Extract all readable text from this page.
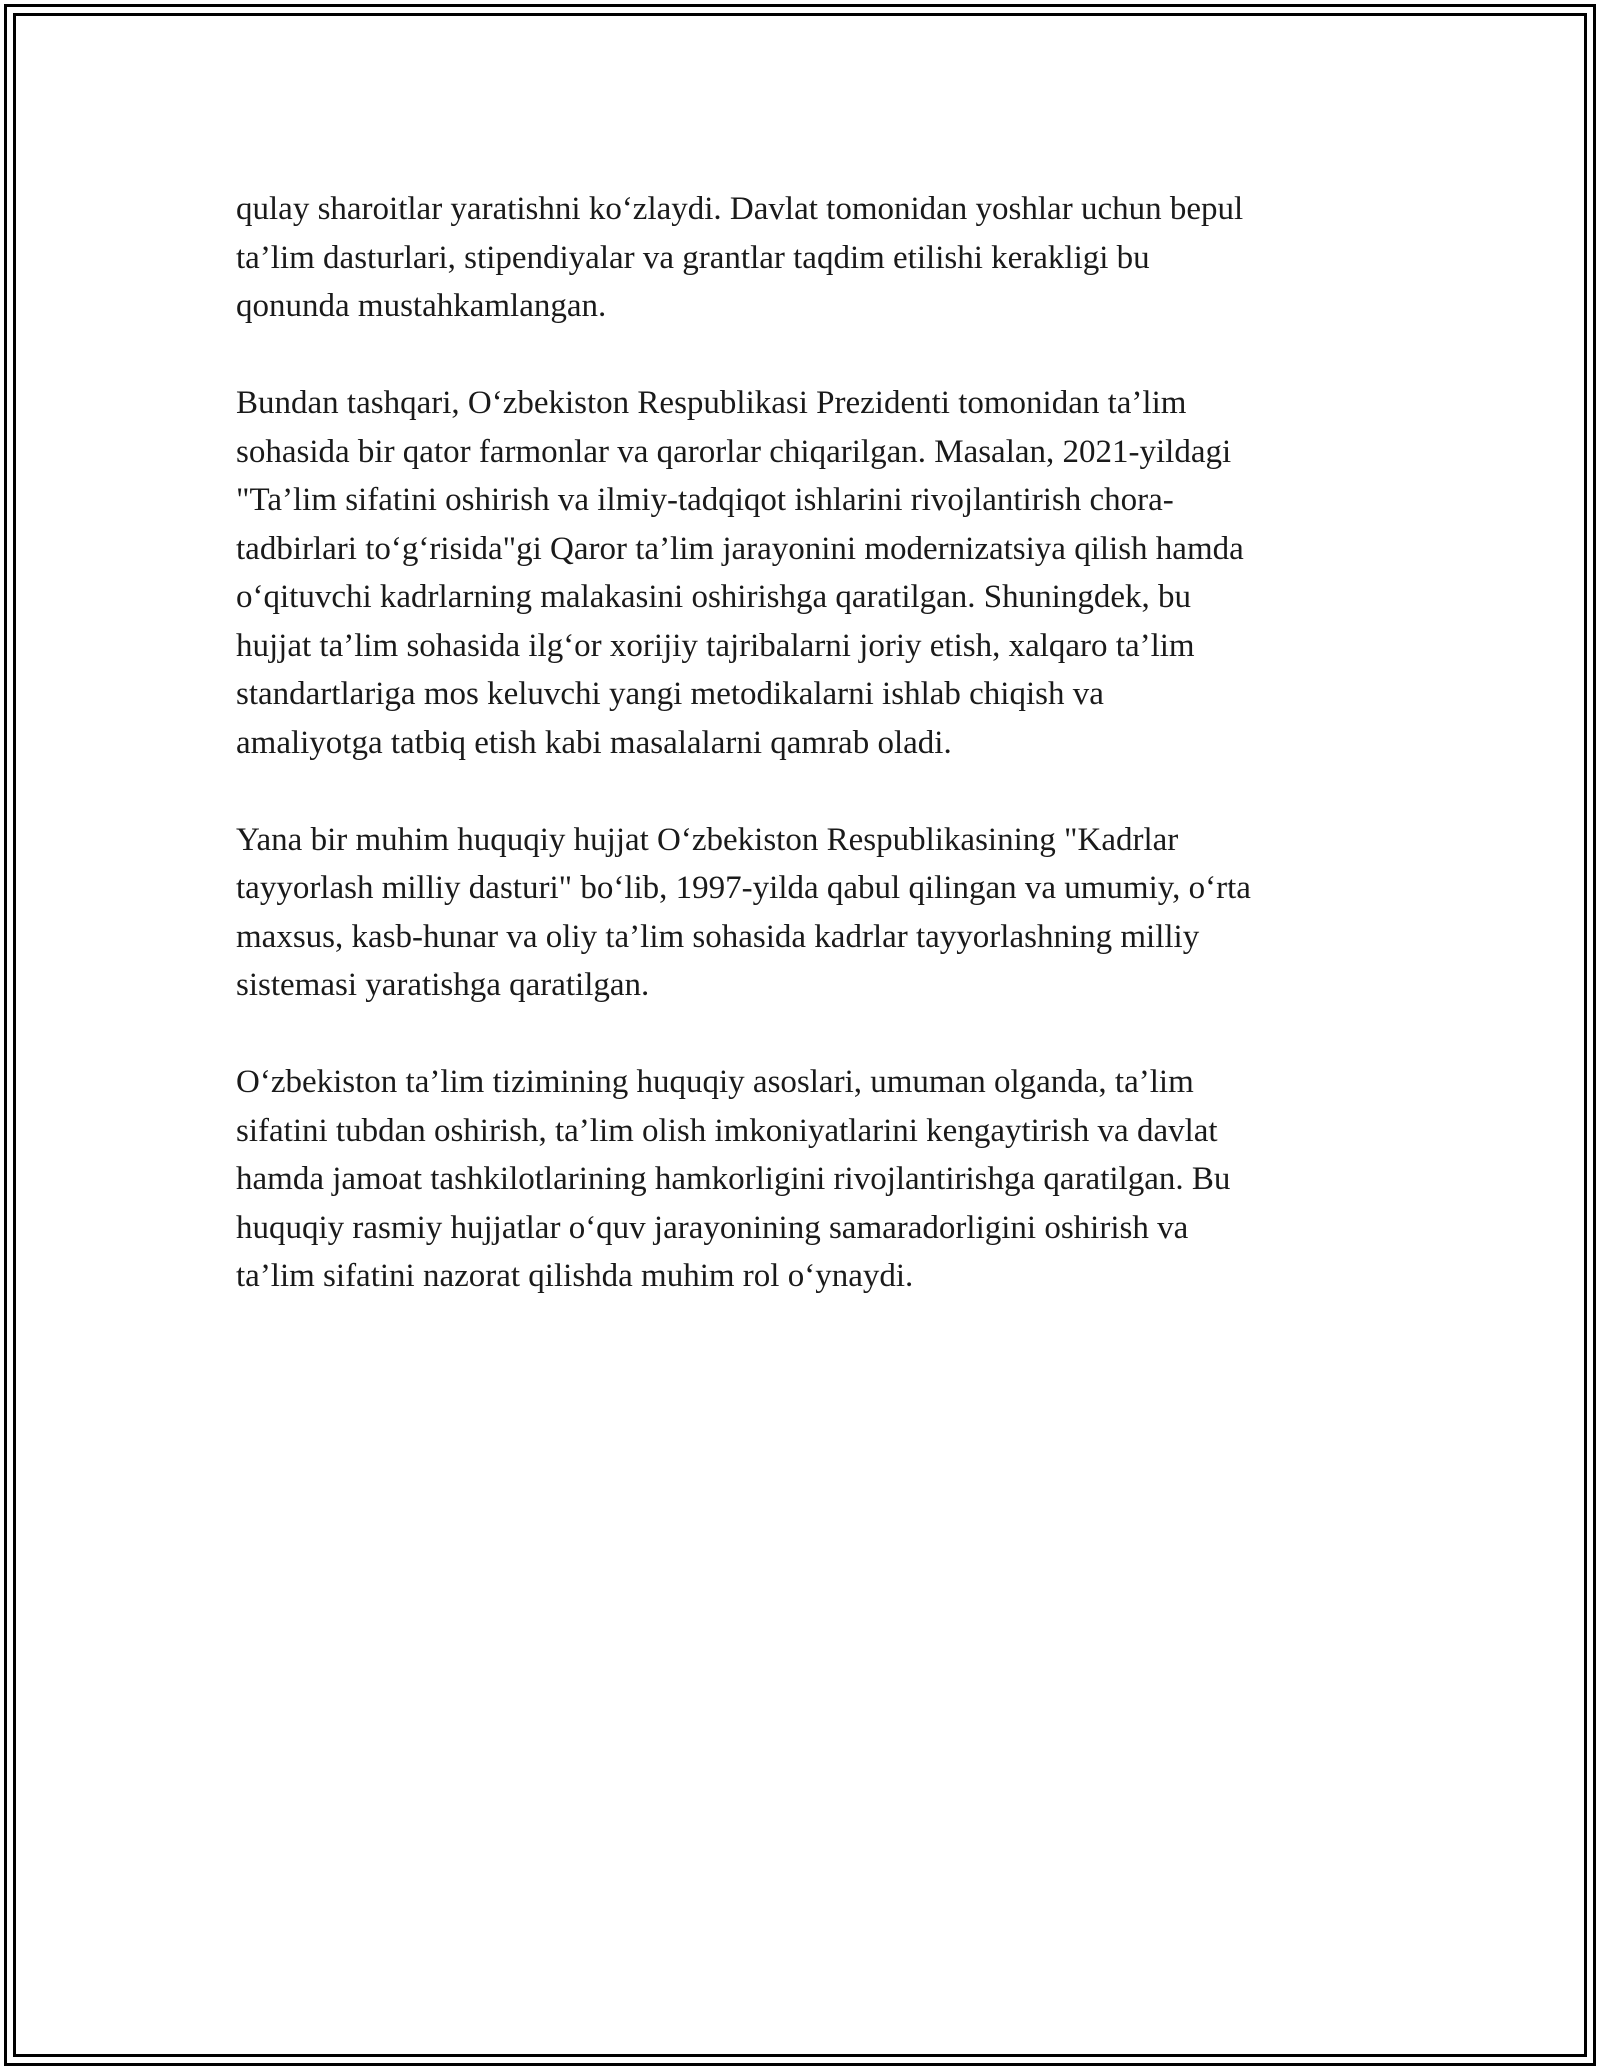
qulay sharoitlar yaratishni ko‘zlaydi. Davlat tomonidan yoshlar uchun bepul
ta’lim dasturlari, stipendiyalar va grantlar taqdim etilishi kerakligi bu
qonunda mustahkamlangan.

Bundan tashqari, O‘zbekiston Respublikasi Prezidenti tomonidan ta’lim
sohasida bir qator farmonlar va qarorlar chiqarilgan. Masalan, 2021-yildagi
"Ta’lim sifatini oshirish va ilmiy-tadqiqot ishlarini rivojlantirish chora-
tadbirlari to‘g‘risida"gi Qaror ta’lim jarayonini modernizatsiya qilish hamda
o‘qituvchi kadrlarning malakasini oshirishga qaratilgan. Shuningdek, bu
hujjat ta’lim sohasida ilg‘or xorijiy tajribalarni joriy etish, xalqaro ta’lim
standartlariga mos keluvchi yangi metodikalarni ishlab chiqish va
amaliyotga tatbiq etish kabi masalalarni qamrab oladi.

Yana bir muhim huquqiy hujjat O‘zbekiston Respublikasining "Kadrlar
tayyorlash milliy dasturi" bo‘lib, 1997-yilda qabul qilingan va umumiy, o‘rta
maxsus, kasb-hunar va oliy ta’lim sohasida kadrlar tayyorlashning milliy
sistemasi yaratishga qaratilgan.

O‘zbekiston ta’lim tizimining huquqiy asoslari, umuman olganda, ta’lim
sifatini tubdan oshirish, ta’lim olish imkoniyatlarini kengaytirish va davlat
hamda jamoat tashkilotlarining hamkorligini rivojlantirishga qaratilgan. Bu
huquqiy rasmiy hujjatlar o‘quv jarayonining samaradorligini oshirish va
ta’lim sifatini nazorat qilishda muhim rol o‘ynaydi.
